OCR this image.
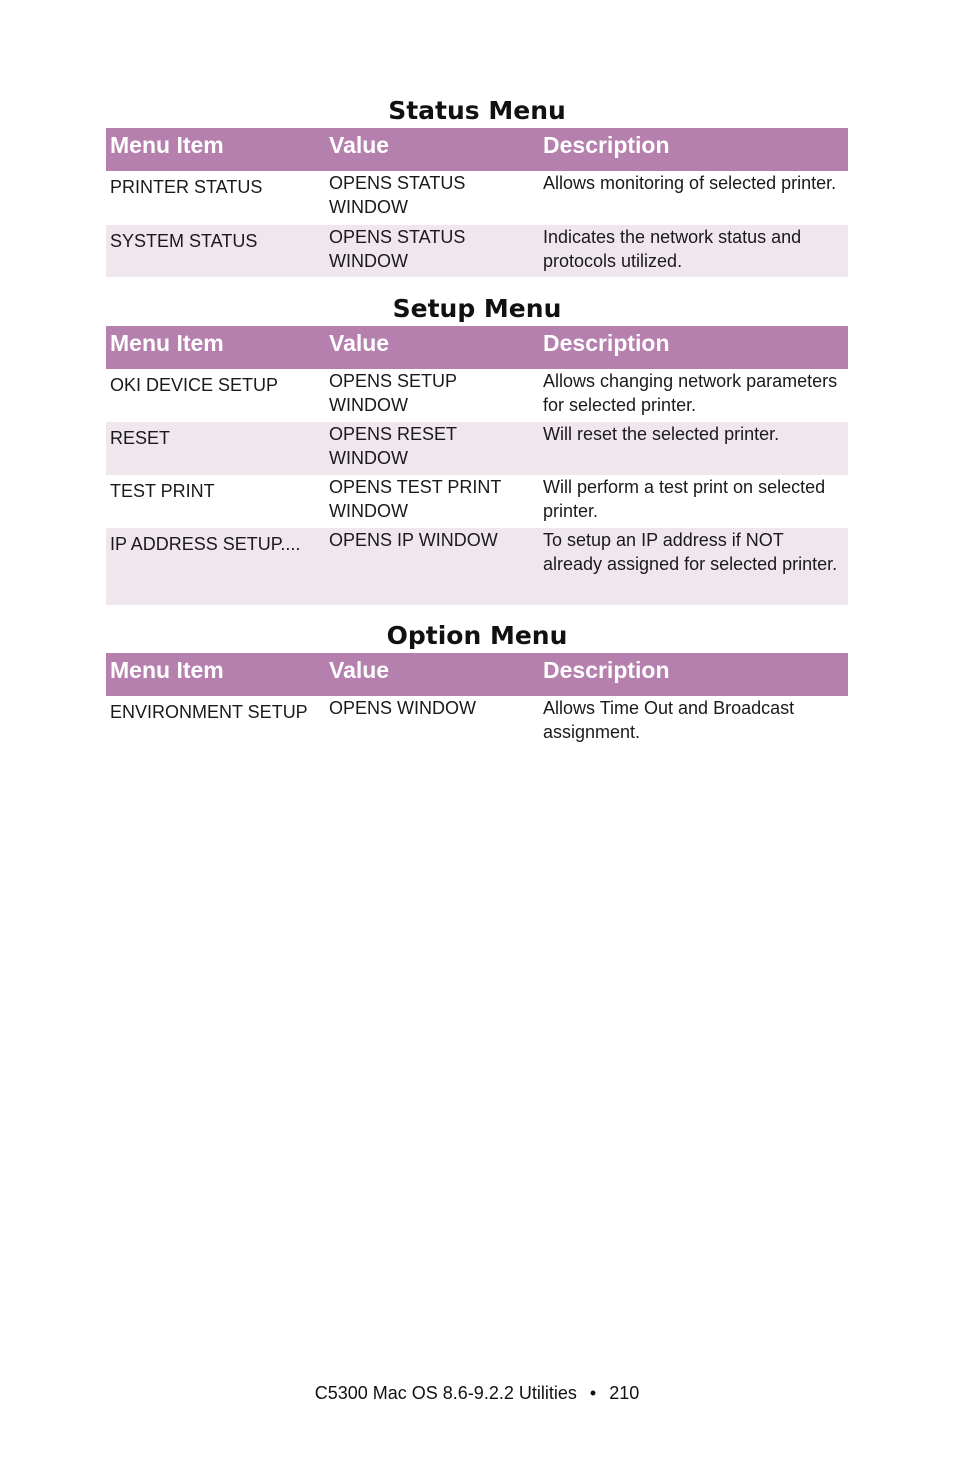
Status Menu
Menu Item	Value	Description
PRINTER STATUS	OPENS STATUS WINDOW	Allows monitoring of selected printer.
SYSTEM STATUS	OPENS STATUS WINDOW	Indicates the network status and protocols utilized.
Setup Menu
Menu Item	Value	Description
OKI DEVICE SETUP	OPENS SETUP WINDOW	Allows changing network parameters for selected printer.
RESET	OPENS RESET WINDOW	Will reset the selected printer.
TEST PRINT	OPENS TEST PRINT WINDOW	Will perform a test print on selected printer.
IP ADDRESS SETUP....	OPENS IP WINDOW	To setup an IP address if NOT already assigned for selected printer.
Option Menu
Menu Item	Value	Description
ENVIRONMENT SETUP	OPENS WINDOW	Allows Time Out and Broadcast assignment.
C5300 Mac OS 8.6-9.2.2 Utilities • 210
